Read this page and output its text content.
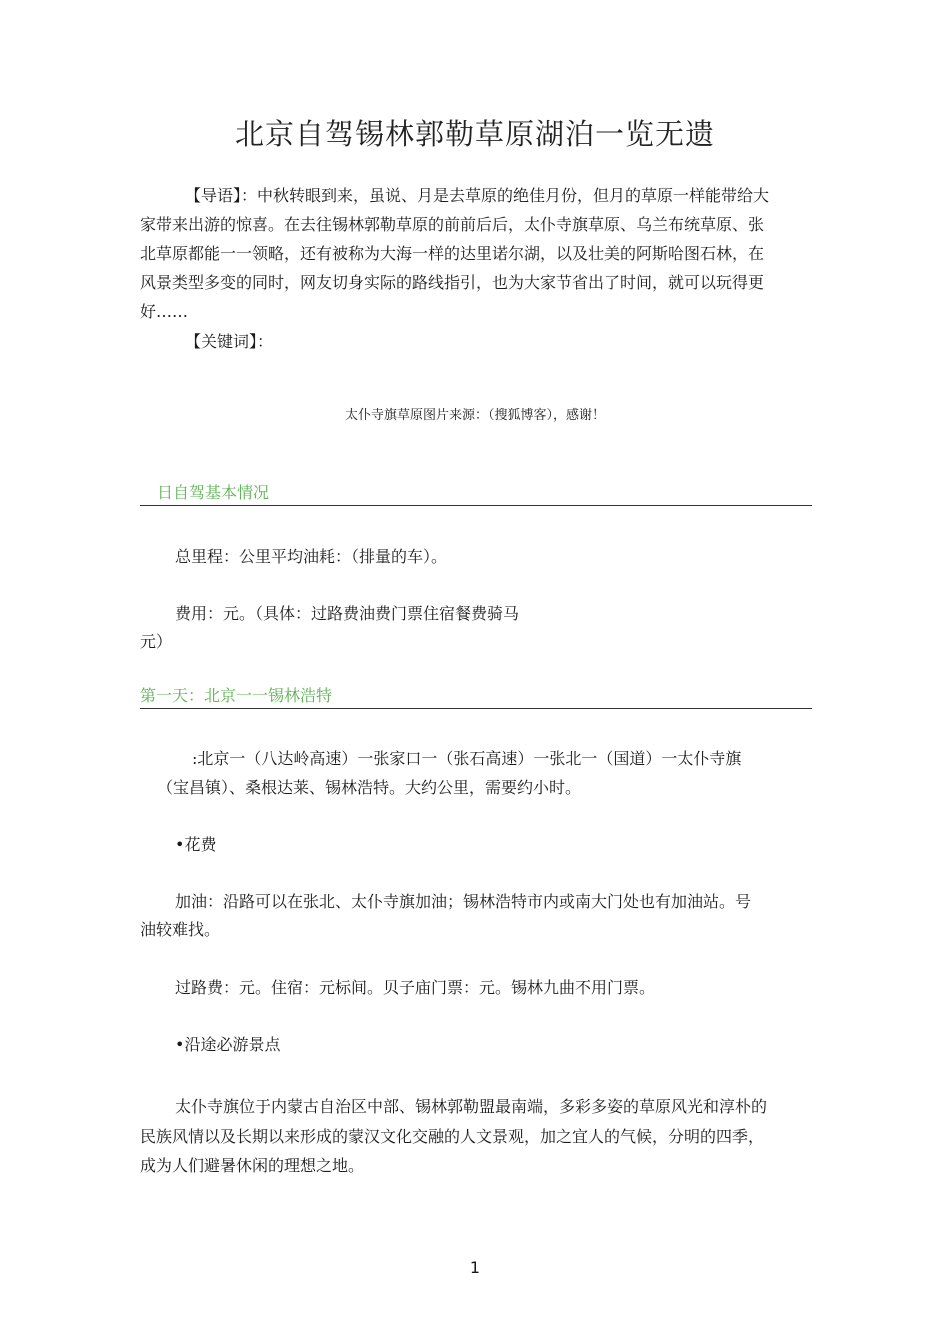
北京自驾锡林郭勒草原湖泊一览无遗

【导语】：中秋转眼到来，虽说、月是去草原的绝佳月份，但月的草原一样能带给大

家带来出游的惊喜。在去往锡林郭勒草原的前前后后，太仆寺旗草原、乌兰布统草原、张

北草原都能一一领略，还有被称为大海一样的达里诺尔湖，以及壮美的阿斯哈图石林，在

风景类型多变的同时，网友切身实际的路线指引，也为大家节省出了时间，就可以玩得更

好……

【关键词】：
太仆寺旗草原图片来源：（搜狐博客），感谢！
日自驾基本情况
总里程：公里平均油耗：（排量的车）。
费用：元。（具体：过路费油费门票住宿餐费骑马
元）
第一天：北京一一锡林浩特
:北京一（八达岭高速）一张家口一（张石高速）一张北一（国道）一太仆寺旗
（宝昌镇）、桑根达莱、锡林浩特。大约公里，需要约小时。
•花费
加油：沿路可以在张北、太仆寺旗加油；锡林浩特市内或南大门处也有加油站。号
油较难找。
过路费：元。住宿：元标间。贝子庙门票：元。锡林九曲不用门票。
•沿途必游景点
太仆寺旗位于内蒙古自治区中部、锡林郭勒盟最南端，多彩多姿的草原风光和淳朴的
民族风情以及长期以来形成的蒙汉文化交融的人文景观，加之宜人的气候，分明的四季，
成为人们避暑休闲的理想之地。
1
